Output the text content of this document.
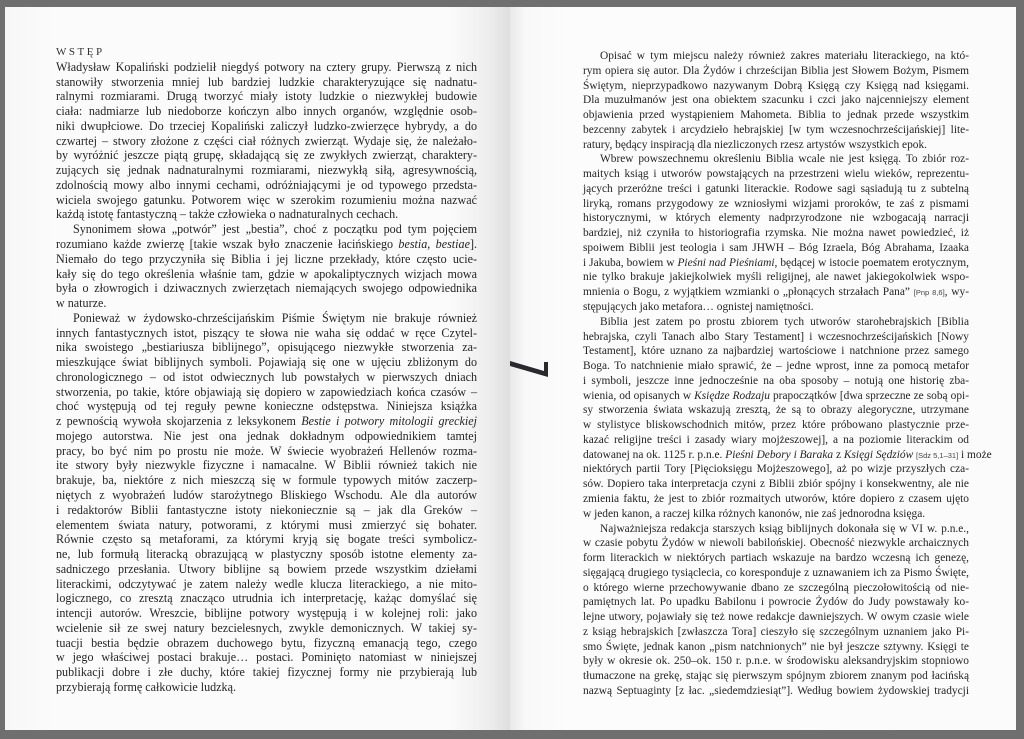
WSTĘP
Władysław Kopaliński podzielił niegdyś potwory na cztery grupy. Pierwszą z nich
stanowiły stworzenia mniej lub bardziej ludzkie charakteryzujące się nadnatu-
ralnymi rozmiarami. Drugą tworzyć miały istoty ludzkie o niezwykłej budowie
ciała: nadmiarze lub niedoborze kończyn albo innych organów, względnie osob-
niki dwupłciowe. Do trzeciej Kopaliński zaliczył ludzko-zwierzęce hybrydy, a do
czwartej – stwory złożone z części ciał różnych zwierząt. Wydaje się, że należało-
by wyróżnić jeszcze piątą grupę, składającą się ze zwykłych zwierząt, charaktery-
zujących się jednak nadnaturalnymi rozmiarami, niezwykłą siłą, agresywnością,
zdolnością mowy albo innymi cechami, odróżniającymi je od typowego przedsta-
wiciela swojego gatunku. Potworem więc w szerokim rozumieniu można nazwać
każdą istotę fantastyczną – także człowieka o nadnaturalnych cechach.
Synonimem słowa „potwór” jest „bestia”, choć z początku pod tym pojęciem
rozumiano każde zwierzę [takie wszak było znaczenie łacińskiego bestia, bestiae].
Niemało do tego przyczyniła się Biblia i jej liczne przekłady, które często ucie-
kały się do tego określenia właśnie tam, gdzie w apokaliptycznych wizjach mowa
była o złowrogich i dziwacznych zwierzętach niemających swojego odpowiednika
w naturze.
Ponieważ w żydowsko-chrześcijańskim Piśmie Świętym nie brakuje również
innych fantastycznych istot, piszący te słowa nie waha się oddać w ręce Czytel-
nika swoistego „bestiariusza biblijnego”, opisującego niezwykłe stworzenia za-
mieszkujące świat biblijnych symboli. Pojawiają się one w ujęciu zbliżonym do
chronologicznego – od istot odwiecznych lub powstałych w pierwszych dniach
stworzenia, po takie, które objawiają się dopiero w zapowiedziach końca czasów –
choć występują od tej reguły pewne konieczne odstępstwa. Niniejsza książka
z pewnością wywoła skojarzenia z leksykonem Bestie i potwory mitologii greckiej
mojego autorstwa. Nie jest ona jednak dokładnym odpowiednikiem tamtej
pracy, bo być nim po prostu nie może. W świecie wyobrażeń Hellenów rozma-
ite stwory były niezwykle fizyczne i namacalne. W Biblii również takich nie
brakuje, ba, niektóre z nich mieszczą się w formule typowych mitów zaczerp-
niętych z wyobrażeń ludów starożytnego Bliskiego Wschodu. Ale dla autorów
i redaktorów Biblii fantastyczne istoty niekoniecznie są – jak dla Greków –
elementem świata natury, potworami, z którymi musi zmierzyć się bohater.
Równie często są metaforami, za którymi kryją się bogate treści symbolicz-
ne, lub formułą literacką obrazującą w plastyczny sposób istotne elementy za-
sadniczego przesłania. Utwory biblijne są bowiem przede wszystkim dziełami
literackimi, odczytywać je zatem należy wedle klucza literackiego, a nie mito-
logicznego, co zresztą znacząco utrudnia ich interpretację, każąc domyślać się
intencji autorów. Wreszcie, biblijne potwory występują i w kolejnej roli: jako
wcielenie sił ze swej natury bezcielesnych, zwykle demonicznych. W takiej sy-
tuacji bestia będzie obrazem duchowego bytu, fizyczną emanacją tego, czego
w jego właściwej postaci brakuje… postaci. Pominięto natomiast w niniejszej
publikacji dobre i złe duchy, które takiej fizycznej formy nie przybierają lub
przybierają formę całkowicie ludzką.
Opisać w tym miejscu należy również zakres materiału literackiego, na któ-
rym opiera się autor. Dla Żydów i chrześcijan Biblia jest Słowem Bożym, Pismem
Świętym, nieprzypadkowo nazywanym Dobrą Księgą czy Księgą nad księgami.
Dla muzułmanów jest ona obiektem szacunku i czci jako najcenniejszy element
objawienia przed wystąpieniem Mahometa. Biblia to jednak przede wszystkim
bezcenny zabytek i arcydzieło hebrajskiej [w tym wczesnochrześcijańskiej] lite-
ratury, będący inspiracją dla niezliczonych rzesz artystów wszystkich epok.
Wbrew powszechnemu określeniu Biblia wcale nie jest księgą. To zbiór roz-
maitych ksiąg i utworów powstających na przestrzeni wielu wieków, reprezentu-
jących przeróżne treści i gatunki literackie. Rodowe sagi sąsiadują tu z subtelną
liryką, romans przygodowy ze wzniosłymi wizjami proroków, te zaś z pismami
historycznymi, w których elementy nadprzyrodzone nie wzbogacają narracji
bardziej, niż czyniła to historiografia rzymska. Nie można nawet powiedzieć, iż
spoiwem Biblii jest teologia i sam JHWH – Bóg Izraela, Bóg Abrahama, Izaaka
i Jakuba, bowiem w Pieśni nad Pieśniami, będącej w istocie poematem erotycznym,
nie tylko brakuje jakiejkolwiek myśli religijnej, ale nawet jakiegokolwiek wspo-
mnienia o Bogu, z wyjątkiem wzmianki o „płonących strzałach Pana” [Pnp 8,6], wy-
stępujących jako metafora… ognistej namiętności.
Biblia jest zatem po prostu zbiorem tych utworów starohebrajskich [Biblia
hebrajska, czyli Tanach albo Stary Testament] i wczesnochrześcijańskich [Nowy
Testament], które uznano za najbardziej wartościowe i natchnione przez samego
Boga. To natchnienie miało sprawić, że – jedne wprost, inne za pomocą metafor
i symboli, jeszcze inne jednocześnie na oba sposoby – notują one historię zba-
wienia, od opisanych w Księdze Rodzaju prapoczątków [dwa sprzeczne ze sobą opi-
sy stworzenia świata wskazują zresztą, że są to obrazy alegoryczne, utrzymane
w stylistyce bliskowschodnich mitów, przez które próbowano plastycznie prze-
kazać religijne treści i zasady wiary mojżeszowej], a na poziomie literackim od
datowanej na ok. 1125 r. p.n.e. Pieśni Debory i Baraka z Księgi Sędziów [Sdz 5,1–31] i może
niektórych partii Tory [Pięcioksięgu Mojżeszowego], aż po wizje przyszłych cza-
sów. Dopiero taka interpretacja czyni z Biblii zbiór spójny i konsekwentny, ale nie
zmienia faktu, że jest to zbiór rozmaitych utworów, które dopiero z czasem ujęto
w jeden kanon, a raczej kilka różnych kanonów, nie zaś jednorodna księga.
Najważniejsza redakcja starszych ksiąg biblijnych dokonała się w VI w. p.n.e.,
w czasie pobytu Żydów w niewoli babilońskiej. Obecność niezwykle archaicznych
form literackich w niektórych partiach wskazuje na bardzo wczesną ich genezę,
sięgającą drugiego tysiąclecia, co koresponduje z uznawaniem ich za Pismo Święte,
o którego wierne przechowywanie dbano ze szczególną pieczołowitością od nie-
pamiętnych lat. Po upadku Babilonu i powrocie Żydów do Judy powstawały ko-
lejne utwory, pojawiały się też nowe redakcje dawniejszych. W owym czasie wiele
z ksiąg hebrajskich [zwłaszcza Tora] cieszyło się szczególnym uznaniem jako Pi-
smo Święte, jednak kanon „pism natchnionych” nie był jeszcze sztywny. Księgi te
były w okresie ok. 250–ok. 150 r. p.n.e. w środowisku aleksandryjskim stopniowo
tłumaczone na grekę, stając się pierwszym spójnym zbiorem znanym pod łacińską
nazwą Septuaginty [z łac. „siedemdziesiąt”]. Według bowiem żydowskiej tradycji
